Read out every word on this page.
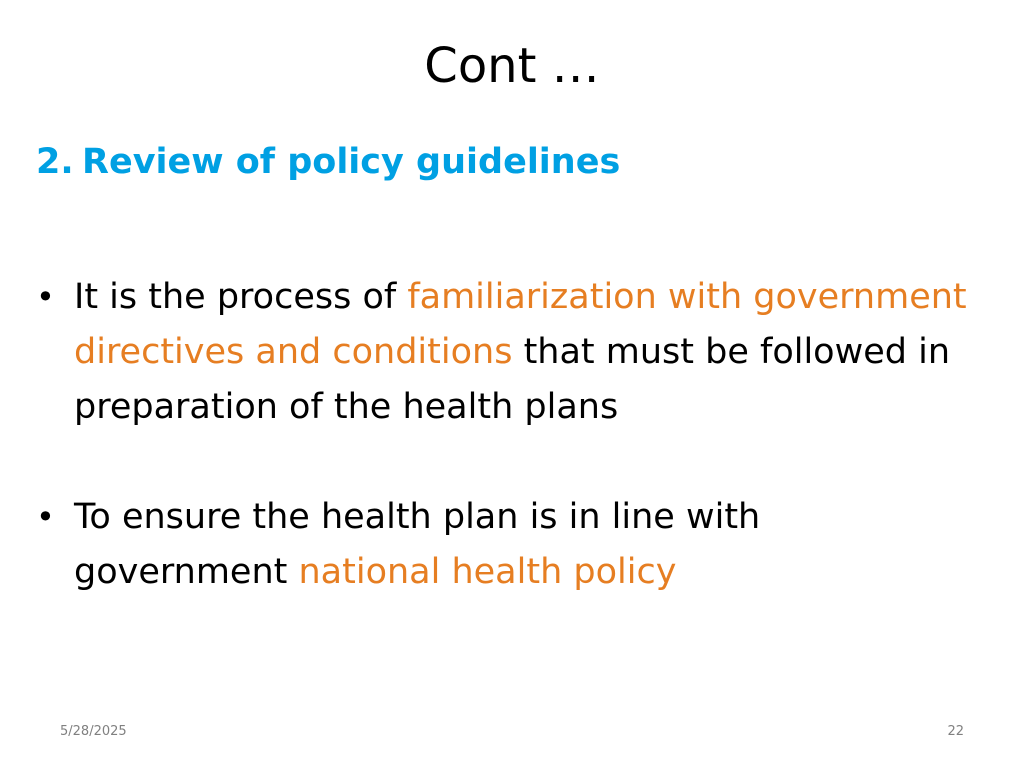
Cont …
2. Review of policy guidelines
• It is the process of familiarization with government directives and conditions that must be followed in preparation of the health plans
• To ensure the health plan is in line with government national health policy
5/28/2025	22
